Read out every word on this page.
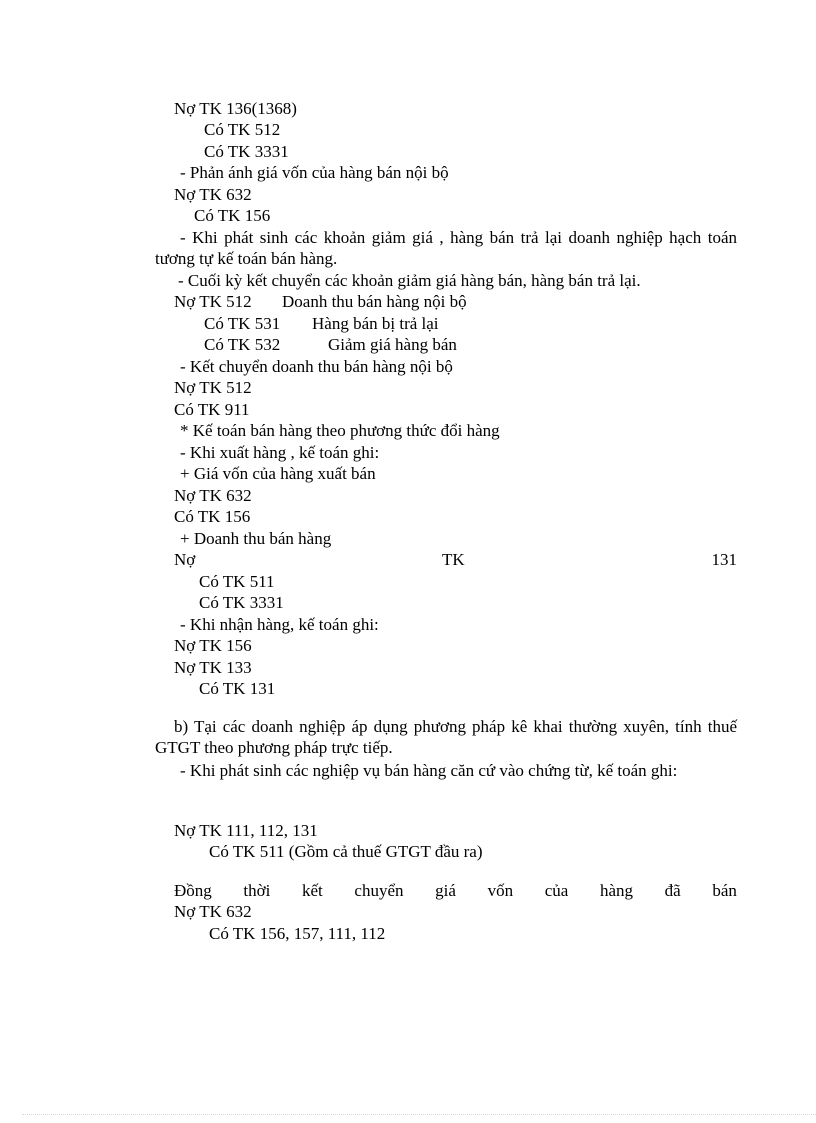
Nợ TK 136(1368)
Có TK 512
Có TK 3331
- Phản ánh giá vốn của hàng bán nội bộ
Nợ TK 632
Có TK 156
- Khi phát sinh các khoản giảm giá , hàng bán trả lại doanh nghiệp hạch toán tương tự kế toán bán hàng.
- Cuối kỳ kết chuyển các khoản giảm giá hàng bán, hàng bán trả lại.
Nợ TK 512 Doanh thu bán hàng nội bộ
Có TK 531 Hàng bán bị trả lại
Có TK 532	Giảm giá hàng bán
- Kết chuyển doanh thu bán hàng nội bộ
Nợ TK 512
Có TK 911
* Kế toán bán hàng theo phương thức đổi hàng
- Khi xuất hàng , kế toán ghi:
+ Giá vốn của hàng xuất bán
Nợ TK 632
Có TK 156
+ Doanh thu bán hàng
Nợ	TK	131
Có TK 511
Có TK 3331
- Khi nhận hàng, kế toán ghi:
Nợ TK 156
Nợ TK 133
Có TK 131
b) Tại các doanh nghiệp áp dụng phương pháp kê khai thường xuyên, tính thuế GTGT theo phương pháp trực tiếp.
- Khi phát sinh các nghiệp vụ bán hàng căn cứ vào chứng từ, kế toán ghi:
Nợ TK 111, 112, 131
Có TK 511 (Gồm cả thuế GTGT đầu ra)
Đồng thời kết chuyển giá vốn của hàng đã bán
Nợ TK 632
Có TK 156, 157, 111, 112
